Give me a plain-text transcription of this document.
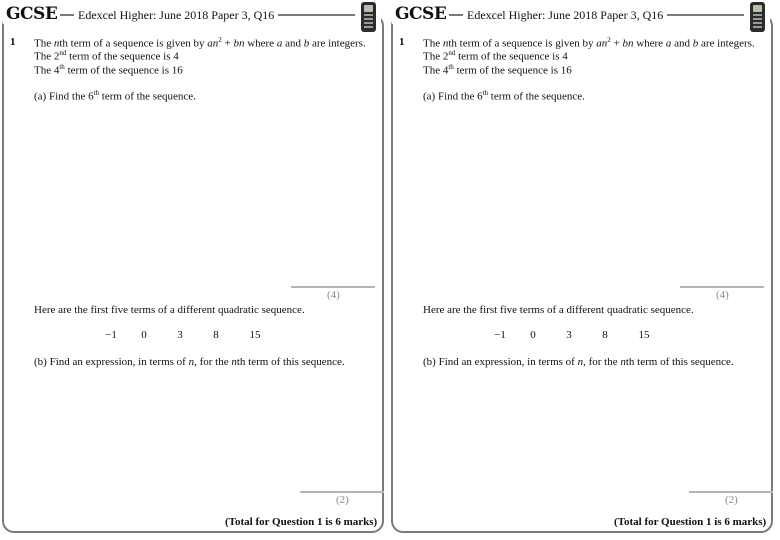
GCSE	Edexcel Higher: June 2018 Paper 3, Q16
1 The nth term of a sequence is given by $an^2$ + bn where a and b are integers.
The 2nd term of the sequence is 4
The 4th term of the sequence is 16
(a) Find the 6th term of the sequence.
(4)
Here are the first five terms of a different quadratic sequence.
−1	0	3	8	15
(b) Find an expression, in terms of n, for the nth term of this sequence.
(2)
(Total for Question 1 is 6 marks)
GCSE	Edexcel Higher: June 2018 Paper 3, Q16
1 The nth term of a sequence is given by $an^2$ + bn where a and b are integers.
The 2nd term of the sequence is 4
The 4th term of the sequence is 16
(a) Find the 6th term of the sequence.
(4)
Here are the first five terms of a different quadratic sequence.
−1	0	3	8	15
(b) Find an expression, in terms of n, for the nth term of this sequence.
(2)
(Total for Question 1 is 6 marks)
